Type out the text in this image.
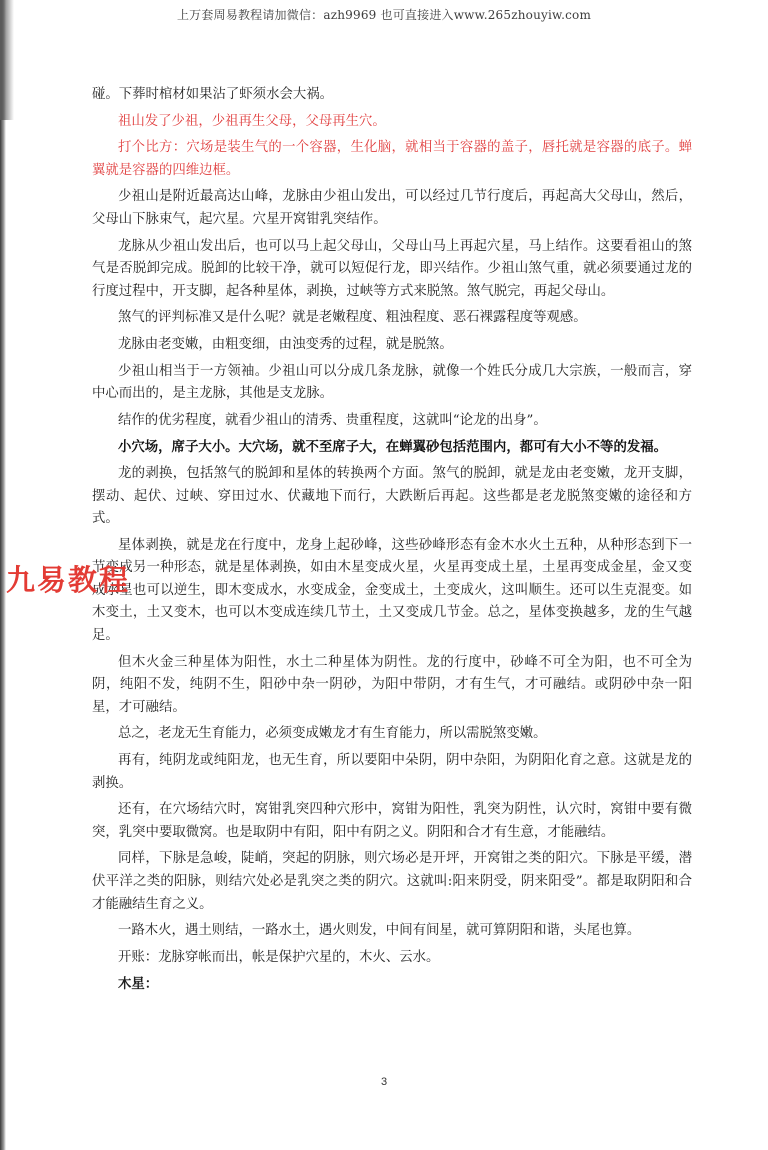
上万套周易教程请加微信：azh9969 也可直接进入www.265zhouyiw.com

碰。下葬时棺材如果沾了虾须水会大祸。

祖山发了少祖，少祖再生父母，父母再生穴。

打个比方：穴场是装生气的一个容器，生化脑，就相当于容器的盖子，唇托就是容器的底子。蝉翼就是容器的四维边框。

少祖山是附近最高达山峰，龙脉由少祖山发出，可以经过几节行度后，再起高大父母山，然后，父母山下脉束气，起穴星。穴星开窝钳乳突结作。

龙脉从少祖山发出后，也可以马上起父母山，父母山马上再起穴星，马上结作。这要看祖山的煞气是否脱卸完成。脱卸的比较干净，就可以短促行龙，即兴结作。少祖山煞气重，就必须要通过龙的行度过程中，开支脚，起各种星体，剥换，过峡等方式来脱煞。煞气脱完，再起父母山。

煞气的评判标准又是什么呢？就是老嫩程度、粗浊程度、恶石裸露程度等观感。

龙脉由老变嫩，由粗变细，由浊变秀的过程，就是脱煞。

少祖山相当于一方领袖。少祖山可以分成几条龙脉，就像一个姓氏分成几大宗族，一般而言，穿中心而出的，是主龙脉，其他是支龙脉。

结作的优劣程度，就看少祖山的清秀、贵重程度，这就叫“论龙的出身”。

小穴场，席子大小。大穴场，就不至席子大，在蝉翼砂包括范围内，都可有大小不等的发福。

龙的剥换，包括煞气的脱卸和星体的转换两个方面。煞气的脱卸，就是龙由老变嫩，龙开支脚，摆动、起伏、过峡、穿田过水、伏藏地下而行，大跌断后再起。这些都是老龙脱煞变嫩的途径和方式。

星体剥换，就是龙在行度中，龙身上起砂峰，这些砂峰形态有金木水火土五种，从种形态到下一节变成另一种形态，就是星体剥换，如由木星变成火星，火星再变成土星，土星再变成金星，金又变成水星也可以逆生，即木变成水，水变成金，金变成土，土变成火，这叫顺生。还可以生克混变。如木变土，土又变木，也可以木变成连续几节土，土又变成几节金。总之，星体变换越多，龙的生气越足。

但木火金三种星体为阳性，水土二种星体为阴性。龙的行度中，砂峰不可全为阳，也不可全为阴，纯阳不发，纯阴不生，阳砂中杂一阴砂，为阳中带阴，才有生气，才可融结。或阴砂中杂一阳星，才可融结。

总之，老龙无生育能力，必须变成嫩龙才有生育能力，所以需脱煞变嫩。

再有，纯阴龙或纯阳龙，也无生育，所以要阳中朵阴，阴中杂阳，为阴阳化育之意。这就是龙的剥换。

还有，在穴场结穴时，窝钳乳突四种穴形中，窝钳为阳性，乳突为阴性，认穴时，窝钳中要有微突，乳突中要取微窝。也是取阴中有阳，阳中有阴之义。阴阳和合才有生意，才能融结。

同样，下脉是急峻，陡峭，突起的阴脉，则穴场必是开坪，开窝钳之类的阳穴。下脉是平缓，潜伏平洋之类的阳脉，则结穴处必是乳突之类的阴穴。这就叫:阳来阴受，阴来阳受”。都是取阴阳和合才能融结生育之义。

一路木火，遇土则结，一路水土，遇火则发，中间有间星，就可算阴阳和谐，头尾也算。

开账：龙脉穿帐而出，帐是保护穴星的，木火、云水。

木星：
九易教程
3
